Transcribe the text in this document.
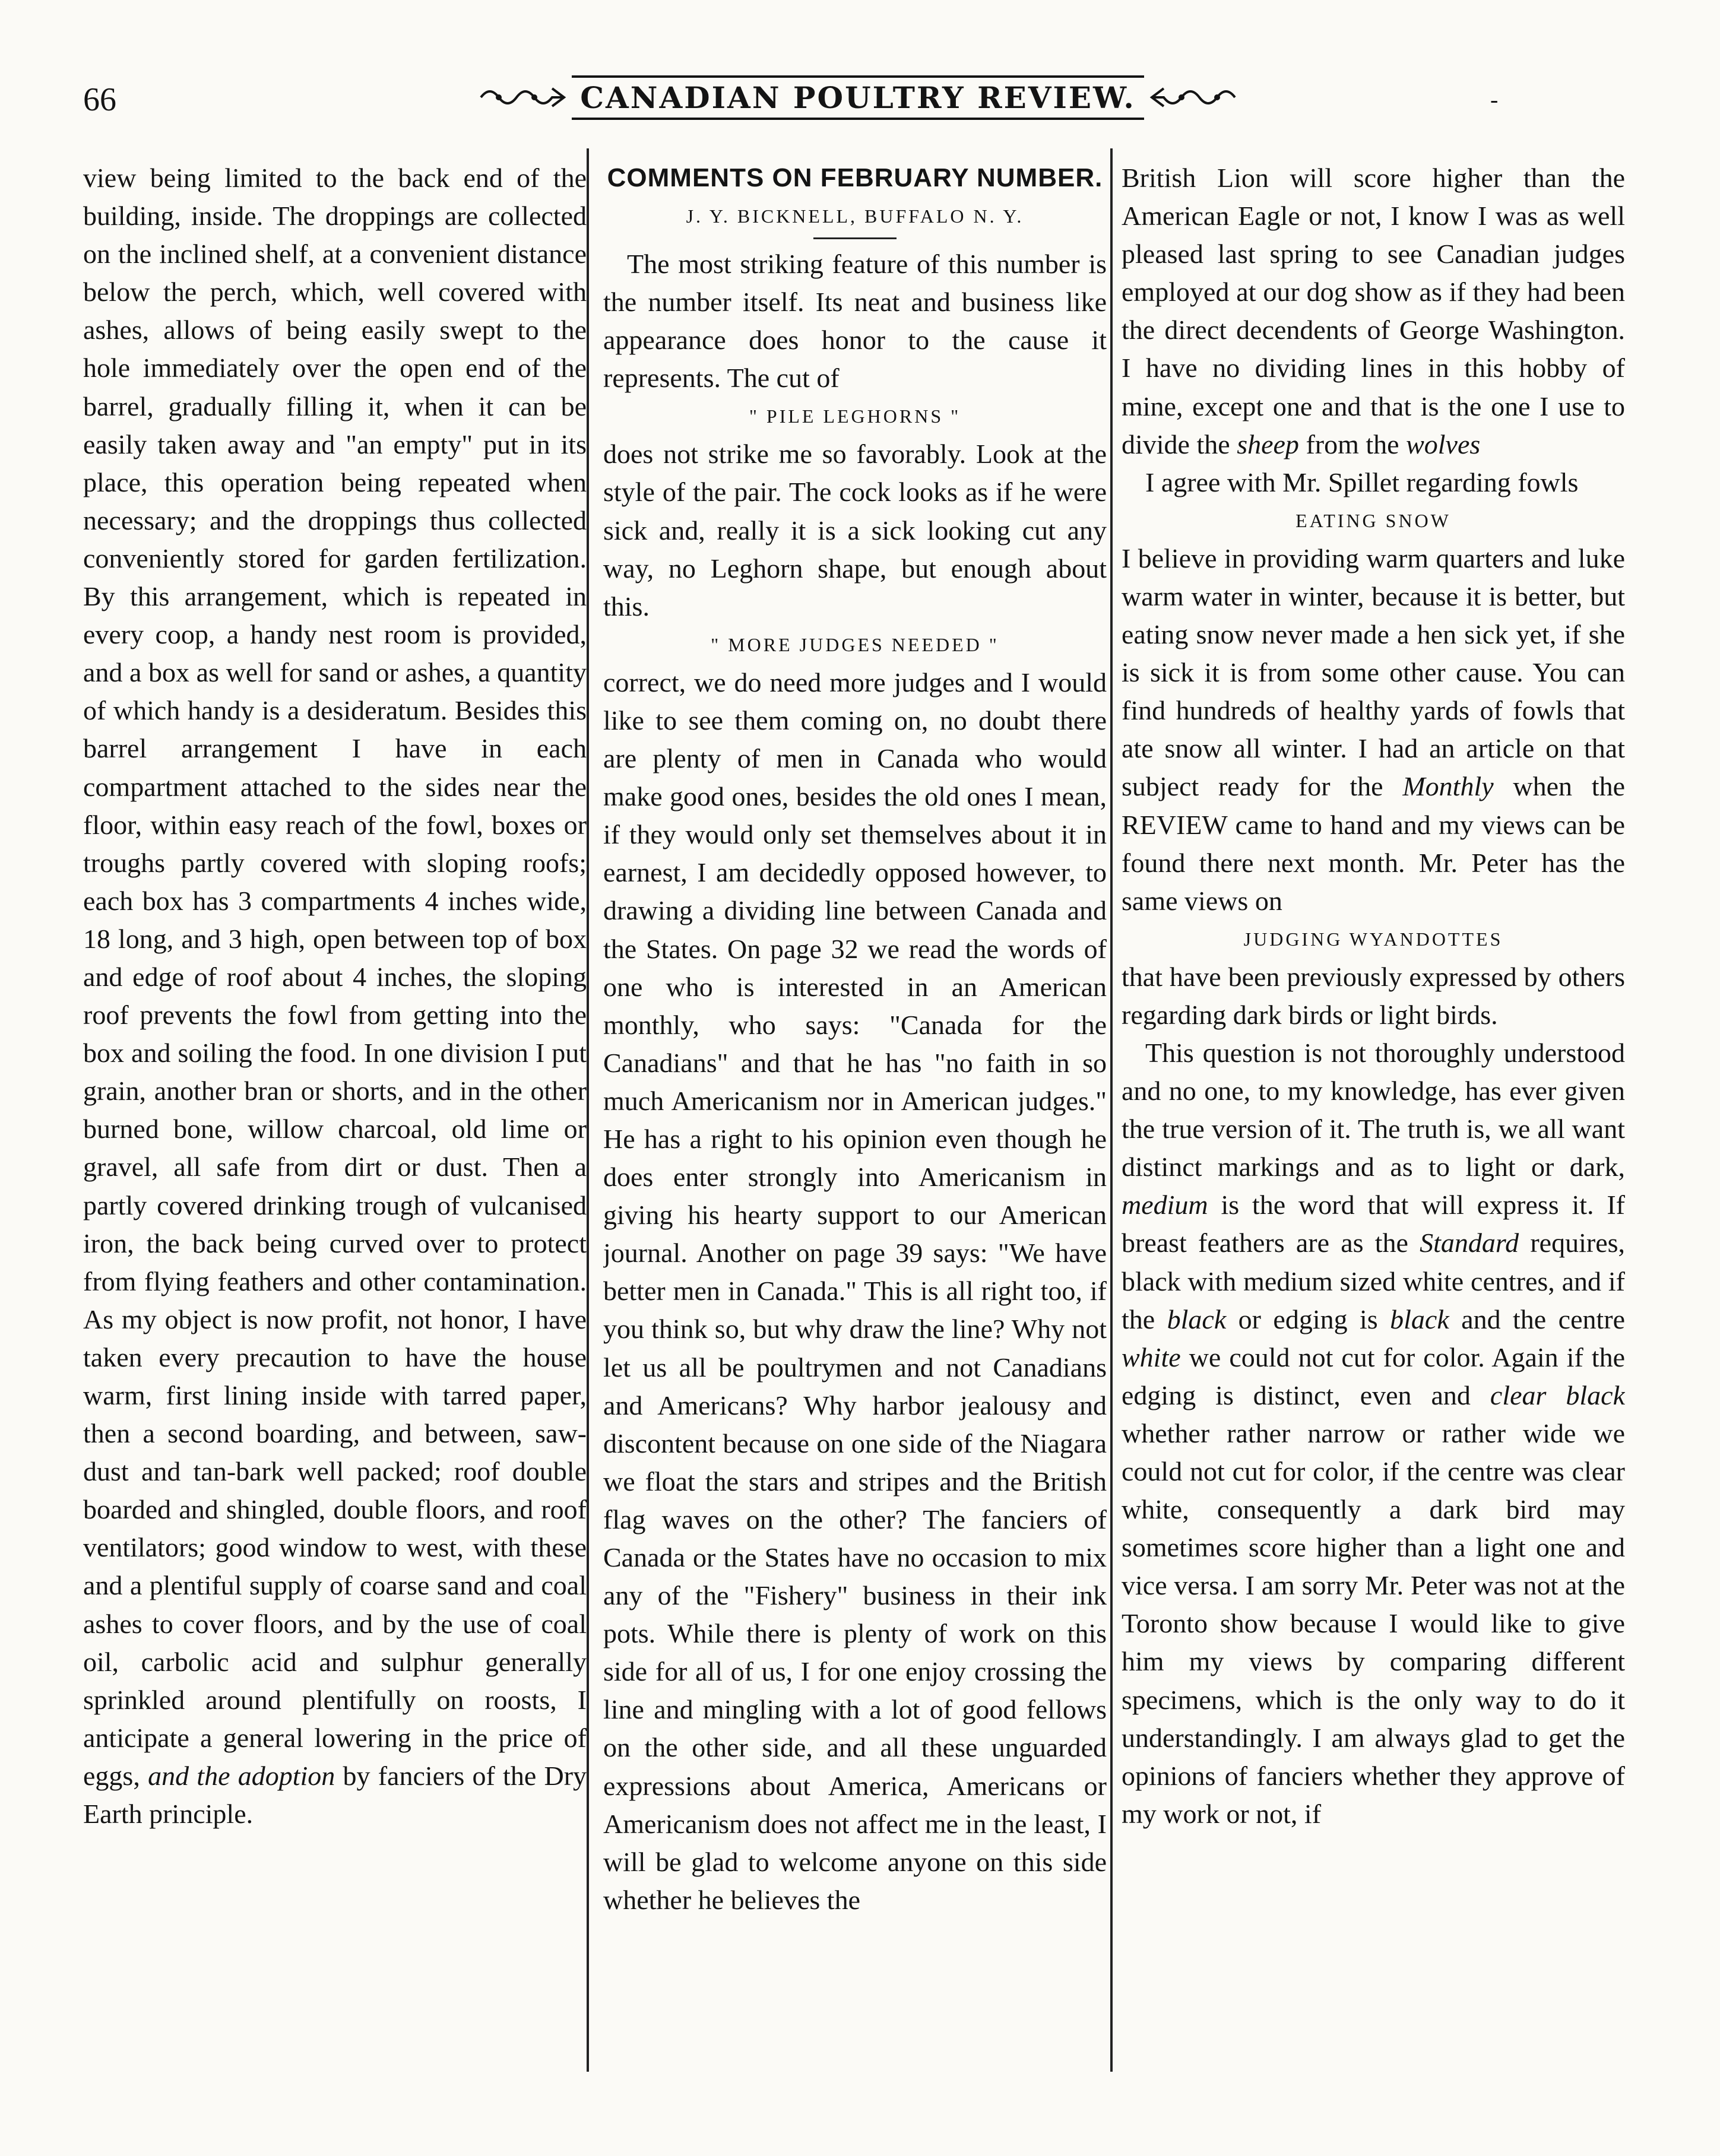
66	CANADIAN POULTRY REVIEW.	-

view being limited to the back end of the building, inside. The droppings are collected on the inclined shelf, at a convenient distance below the perch, which, well covered with ashes, allows of being easily swept to the hole immediately over the open end of the barrel, gradually filling it, when it can be easily taken away and "an empty" put in its place, this operation being repeated when necessary; and the droppings thus collected conveniently stored for garden fertilization. By this arrangement, which is repeated in every coop, a handy nest room is provided, and a box as well for sand or ashes, a quantity of which handy is a desideratum. Besides this barrel arrangement I have in each compartment attached to the sides near the floor, within easy reach of the fowl, boxes or troughs partly covered with sloping roofs; each box has 3 compartments 4 inches wide, 18 long, and 3 high, open between top of box and edge of roof about 4 inches, the sloping roof prevents the fowl from getting into the box and soiling the food. In one division I put grain, another bran or shorts, and in the other burned bone, willow charcoal, old lime or gravel, all safe from dirt or dust. Then a partly covered drinking trough of vulcanised iron, the back being curved over to protect from flying feathers and other contamination. As my object is now profit, not honor, I have taken every precaution to have the house warm, first lining inside with tarred paper, then a second boarding, and between, saw-dust and tan-bark well packed; roof double boarded and shingled, double floors, and roof ventilators; good window to west, with these and a plentiful supply of coarse sand and coal ashes to cover floors, and by the use of coal oil, carbolic acid and sulphur generally sprinkled around plentifully on roosts, I anticipate a general lowering in the price of eggs, and the adoption by fanciers of the Dry Earth principle.

COMMENTS ON FEBRUARY NUMBER.
J. Y. BICKNELL, BUFFALO N. Y.

The most striking feature of this number is the number itself. Its neat and business like appearance does honor to the cause it represents. The cut of

" PILE LEGHORNS "

does not strike me so favorably. Look at the style of the pair. The cock looks as if he were sick and, really it is a sick looking cut any way, no Leghorn shape, but enough about this.

" MORE JUDGES NEEDED "

correct, we do need more judges and I would like to see them coming on, no doubt there are plenty of men in Canada who would make good ones, besides the old ones I mean, if they would only set themselves about it in earnest, I am decidedly opposed however, to drawing a dividing line between Canada and the States. On page 32 we read the words of one who is interested in an American monthly, who says: "Canada for the Canadians" and that he has "no faith in so much Americanism nor in American judges." He has a right to his opinion even though he does enter strongly into Americanism in giving his hearty support to our American journal. Another on page 39 says: "We have better men in Canada." This is all right too, if you think so, but why draw the line? Why not let us all be poultrymen and not Canadians and Americans? Why harbor jealousy and discontent because on one side of the Niagara we float the stars and stripes and the British flag waves on the other? The fanciers of Canada or the States have no occasion to mix any of the "Fishery" business in their ink pots. While there is plenty of work on this side for all of us, I for one enjoy crossing the line and mingling with a lot of good fellows on the other side, and all these unguarded expressions about America, Americans or Americanism does not affect me in the least, I will be glad to welcome anyone on this side whether he believes the

British Lion will score higher than the American Eagle or not, I know I was as well pleased last spring to see Canadian judges employed at our dog show as if they had been the direct decendents of George Washington. I have no dividing lines in this hobby of mine, except one and that is the one I use to divide the sheep from the wolves

I agree with Mr. Spillet regarding fowls

EATING SNOW

I believe in providing warm quarters and luke warm water in winter, because it is better, but eating snow never made a hen sick yet, if she is sick it is from some other cause. You can find hundreds of healthy yards of fowls that ate snow all winter. I had an article on that subject ready for the Monthly when the REVIEW came to hand and my views can be found there next month. Mr. Peter has the same views on

JUDGING WYANDOTTES

that have been previously expressed by others regarding dark birds or light birds.

This question is not thoroughly understood and no one, to my knowledge, has ever given the true version of it. The truth is, we all want distinct markings and as to light or dark, medium is the word that will express it. If breast feathers are as the Standard requires, black with medium sized white centres, and if the black or edging is black and the centre white we could not cut for color. Again if the edging is distinct, even and clear black whether rather narrow or rather wide we could not cut for color, if the centre was clear white, consequently a dark bird may sometimes score higher than a light one and vice versa. I am sorry Mr. Peter was not at the Toronto show because I would like to give him my views by comparing different specimens, which is the only way to do it understandingly. I am always glad to get the opinions of fanciers whether they approve of my work or not, if
